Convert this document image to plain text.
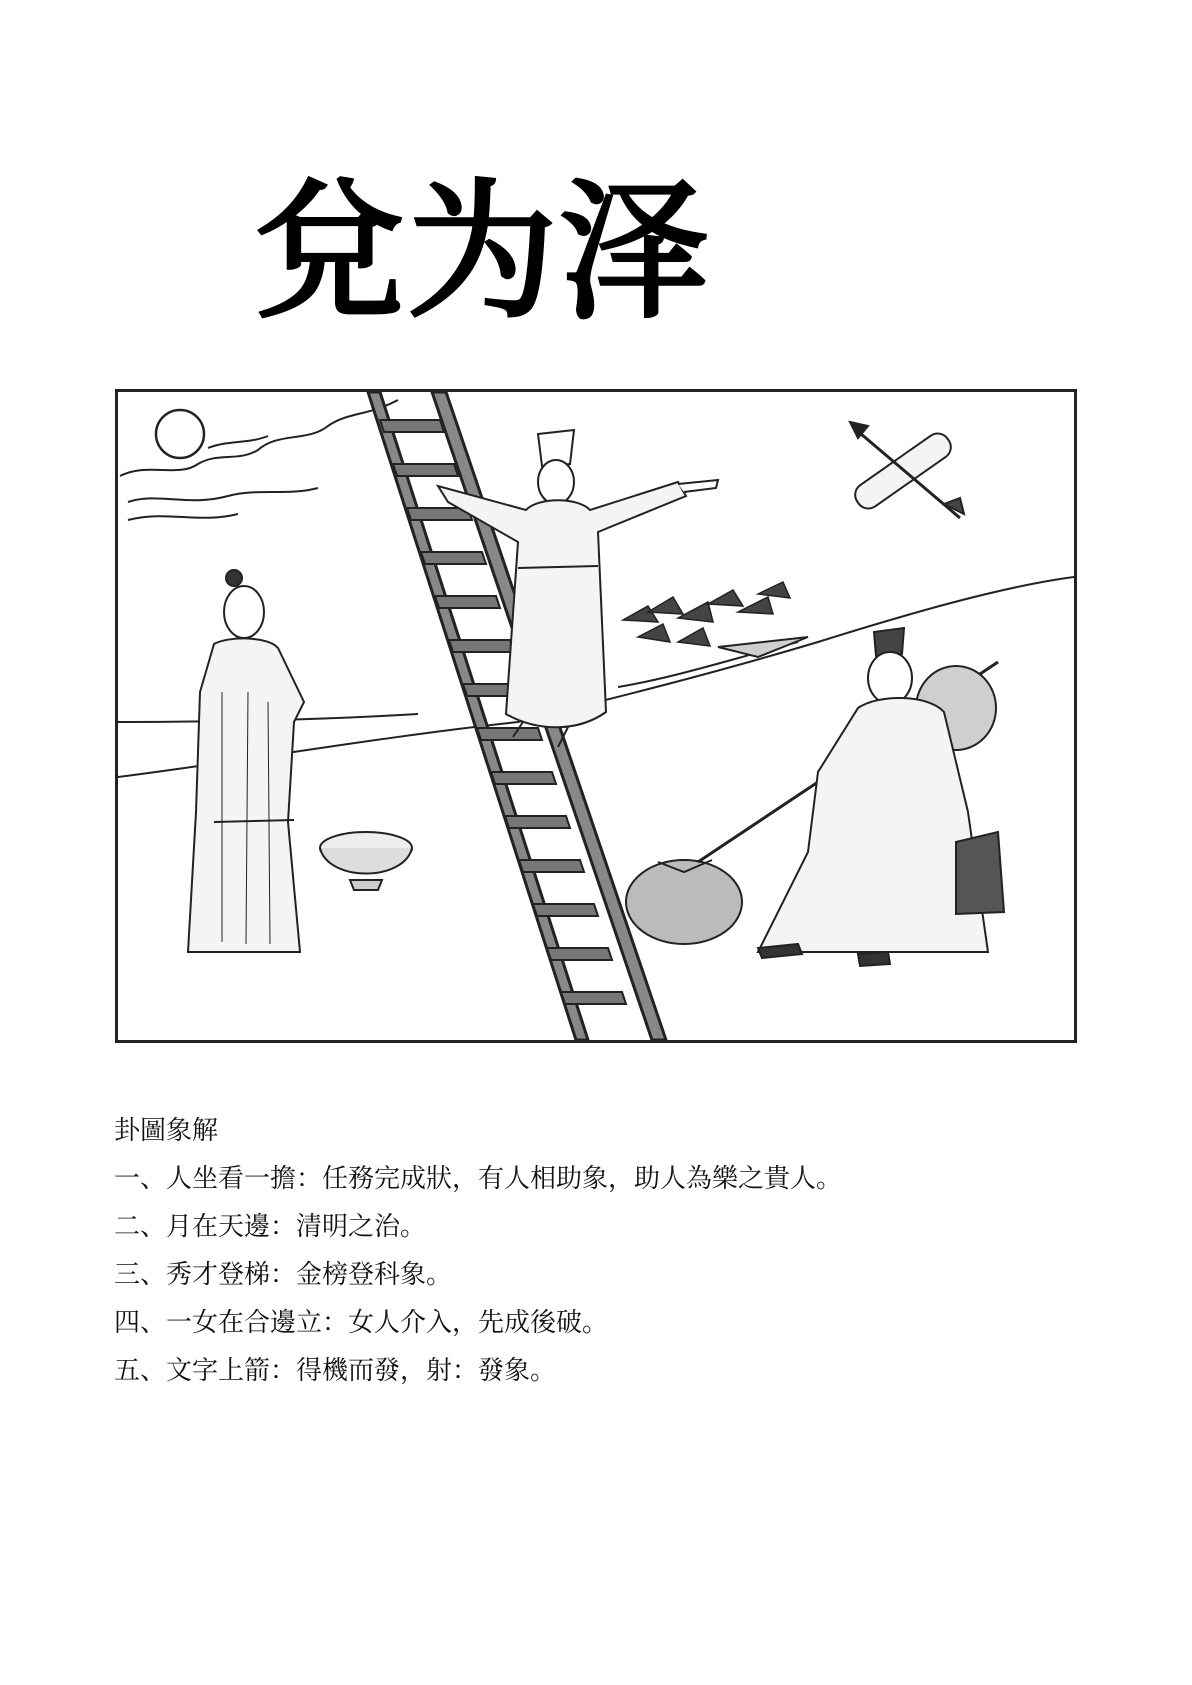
兌为泽
卦圖象解
一、人坐看一擔：任務完成狀，有人相助象，助人為樂之貴人。
二、月在天邊：清明之治。
三、秀才登梯：金榜登科象。
四、一女在合邊立：女人介入，先成後破。
五、文字上箭：得機而發，射：發象。
